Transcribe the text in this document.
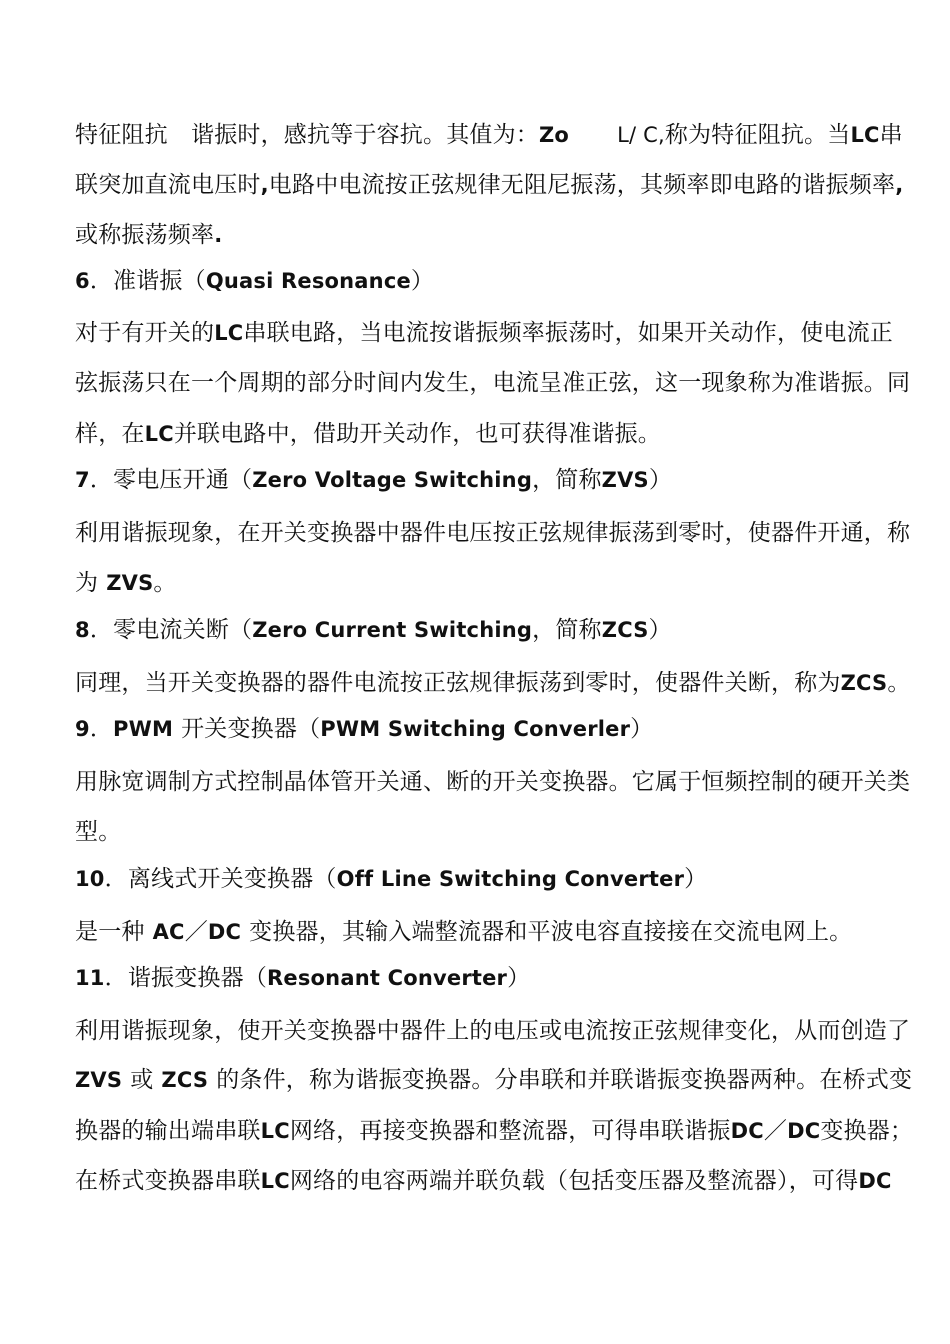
特征阻抗　谐振时，感抗等于容抗。其值为：Zo L/ C,称为特征阻抗。当LC串
联突加直流电压时,电路中电流按正弦规律无阻尼振荡，其频率即电路的谐振频率,
或称振荡频率.
6．准谐振（Quasi Resonance）
对于有开关的LC串联电路，当电流按谐振频率振荡时，如果开关动作，使电流正
弦振荡只在一个周期的部分时间内发生，电流呈准正弦，这一现象称为准谐振。同
样，在LC并联电路中，借助开关动作，也可获得准谐振。
7．零电压开通（Zero Voltage Switching，简称ZVS）
利用谐振现象，在开关变换器中器件电压按正弦规律振荡到零时，使器件开通，称
为 ZVS。
8．零电流关断（Zero Current Switching，简称ZCS）
同理，当开关变换器的器件电流按正弦规律振荡到零时，使器件关断，称为ZCS。
9．PWM 开关变换器（PWM Switching Converler）
用脉宽调制方式控制晶体管开关通、断的开关变换器。它属于恒频控制的硬开关类
型。
10．离线式开关变换器（Off Line Switching Converter）
是一种 AC／DC 变换器，其输入端整流器和平波电容直接接在交流电网上。
11．谐振变换器（Resonant Converter）
利用谐振现象，使开关变换器中器件上的电压或电流按正弦规律变化，从而创造了
ZVS 或 ZCS 的条件，称为谐振变换器。分串联和并联谐振变换器两种。在桥式变
换器的输出端串联LC网络，再接变换器和整流器，可得串联谐振DC／DC变换器；
在桥式变换器串联LC网络的电容两端并联负载（包括变压器及整流器），可得DC
